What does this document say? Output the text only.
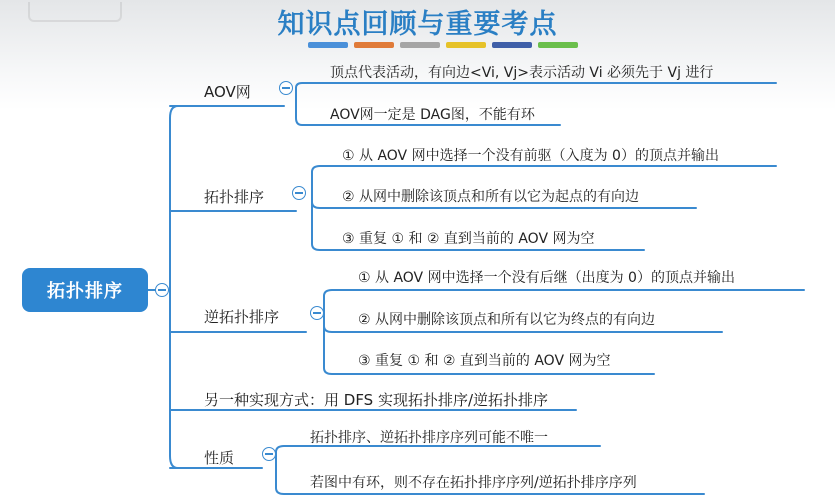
知识点回顾与重要考点
拓扑排序
AOV网
顶点代表活动，有向边<Vi, Vj>表示活动 Vi 必须先于 Vj 进行
AOV网一定是 DAG图，不能有环
拓扑排序
① 从 AOV 网中选择一个没有前驱（入度为 0）的顶点并输出
② 从网中删除该顶点和所有以它为起点的有向边
③ 重复 ① 和 ② 直到当前的 AOV 网为空
逆拓扑排序
① 从 AOV 网中选择一个没有后继（出度为 0）的顶点并输出
② 从网中删除该顶点和所有以它为终点的有向边
③ 重复 ① 和 ② 直到当前的 AOV 网为空
另一种实现方式：用 DFS 实现拓扑排序/逆拓扑排序
性质
拓扑排序、逆拓扑排序序列可能不唯一
若图中有环，则不存在拓扑排序序列/逆拓扑排序序列
